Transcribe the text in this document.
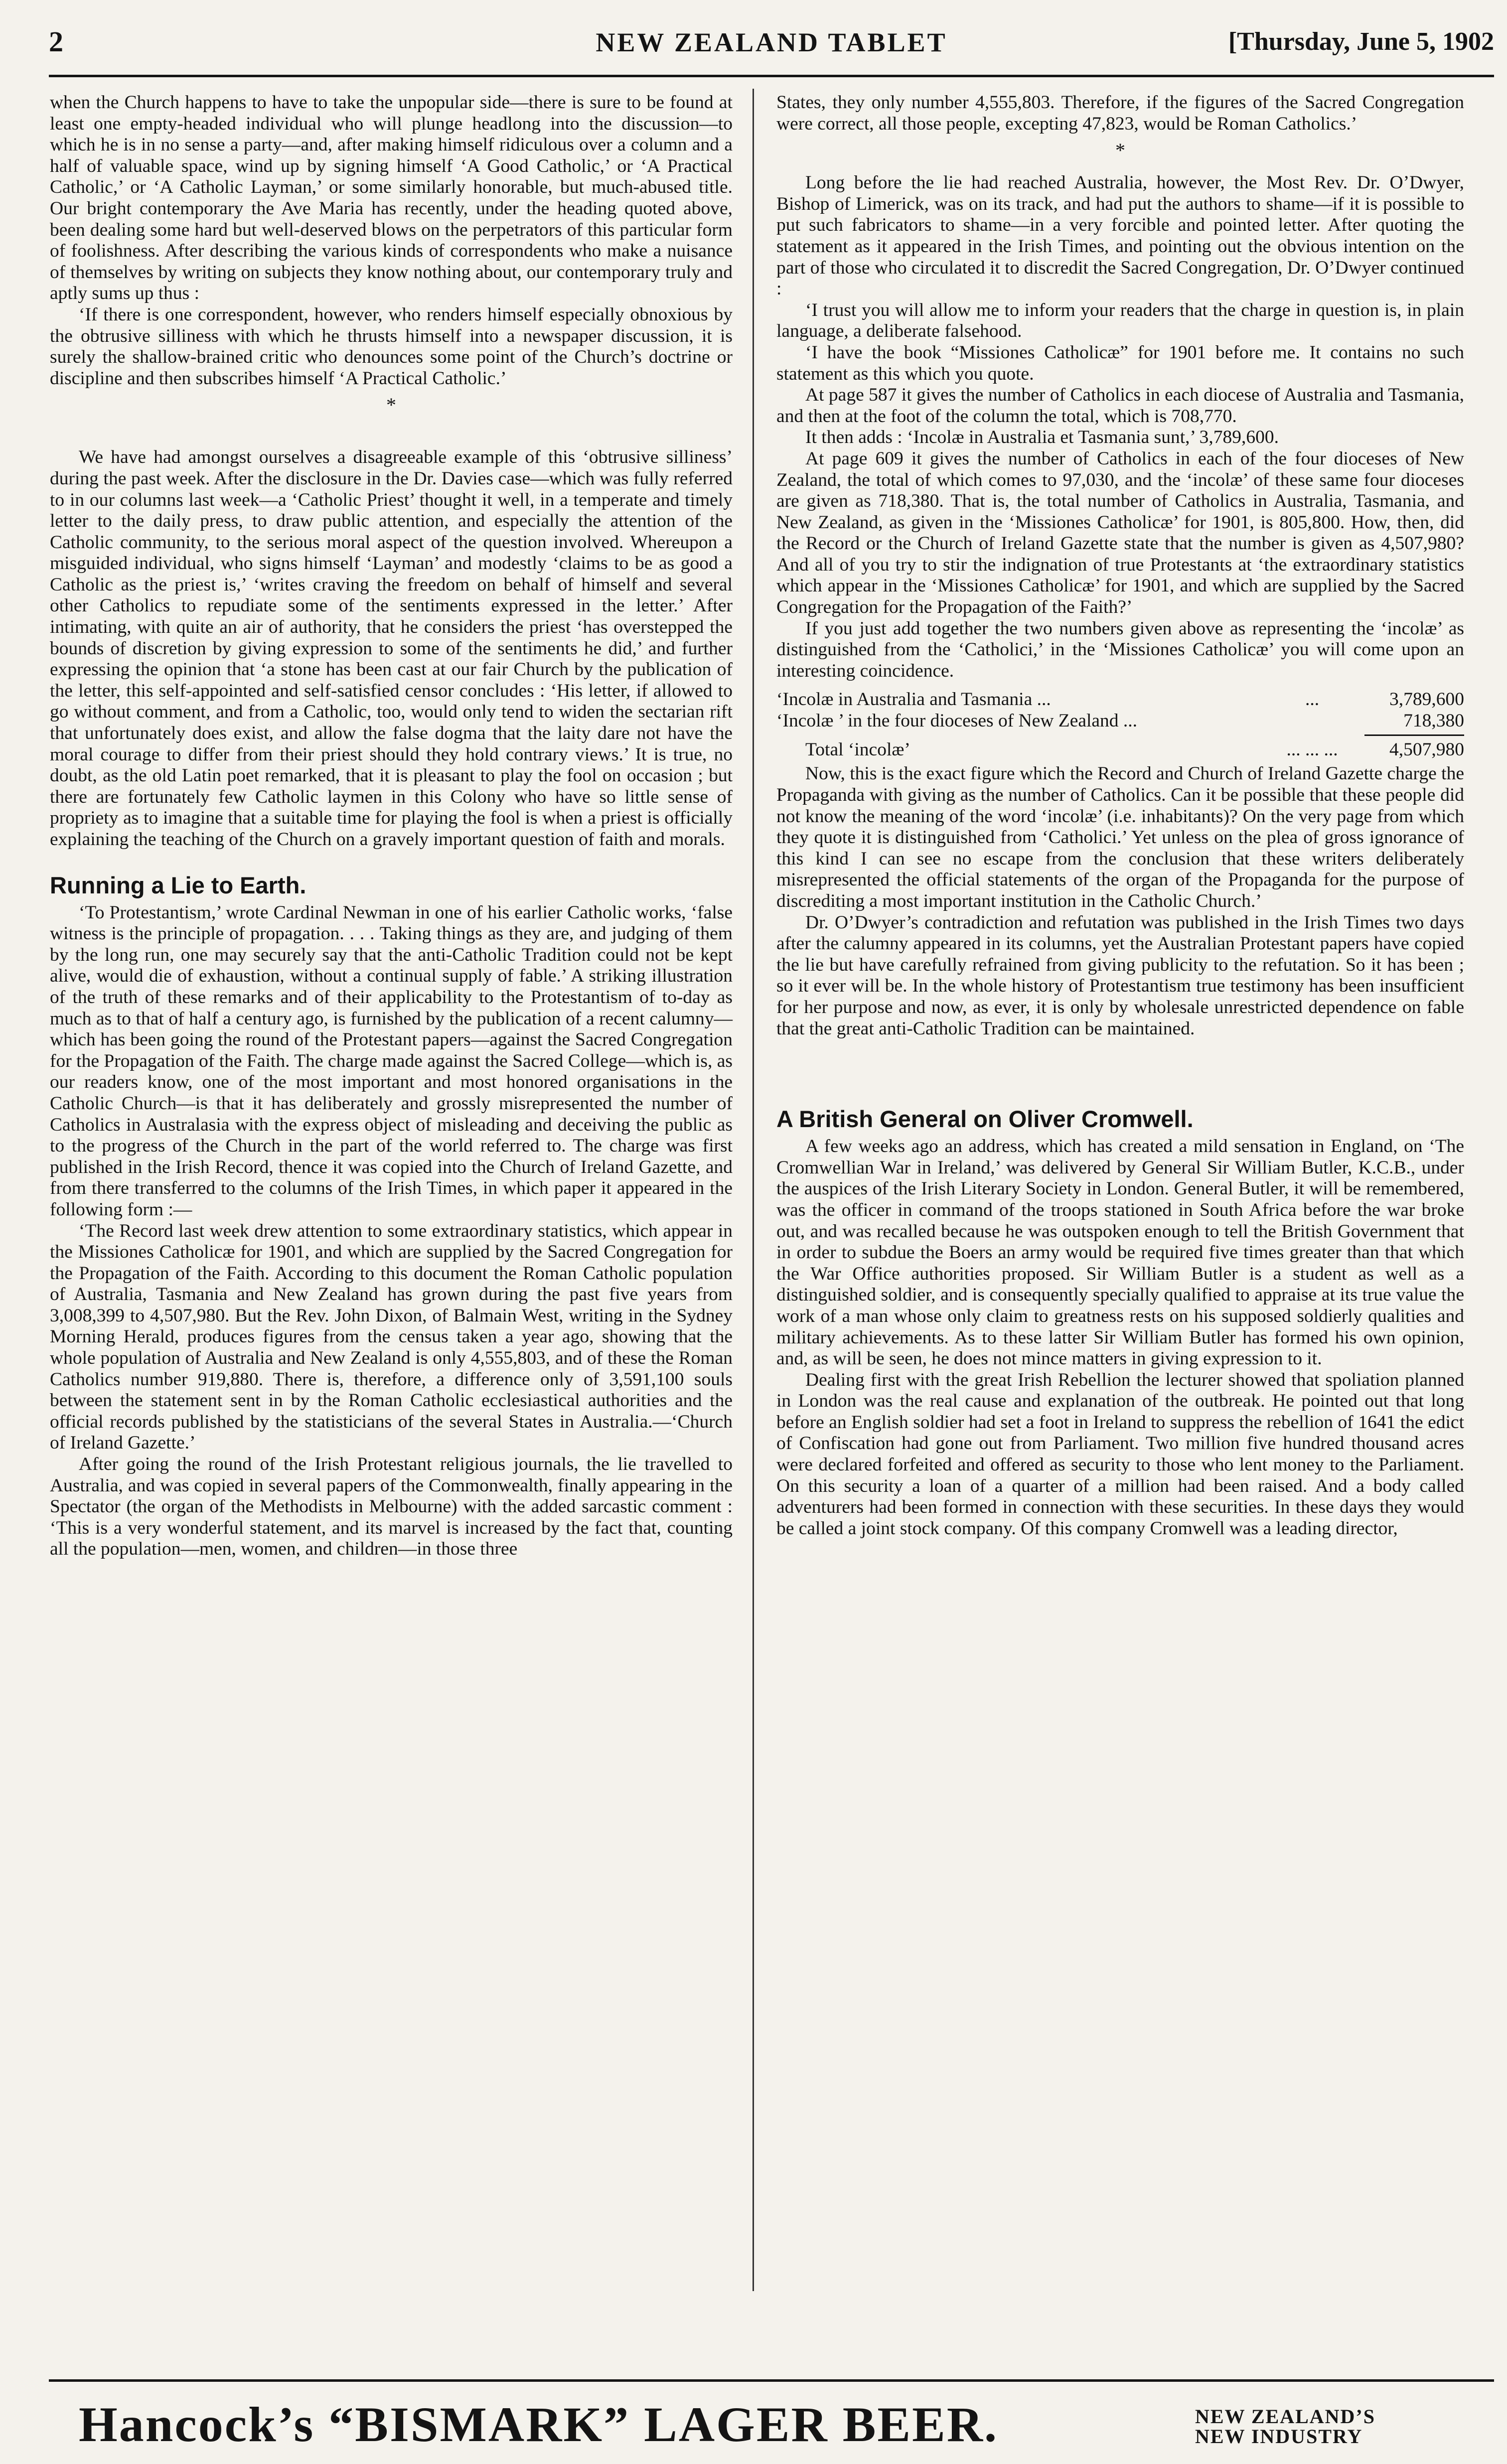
2	NEW ZEALAND TABLET	[Thursday, June 5, 1902

when the Church happens to have to take the unpopular side—there is sure to be found at least one empty-headed individual who will plunge headlong into the discussion—to which he is in no sense a party—and, after making himself ridiculous over a column and a half of valuable space, wind up by signing himself ‘A Good Catholic,’ or ‘A Practical Catholic,’ or ‘A Catholic Layman,’ or some similarly honorable, but much-abused title. Our bright contemporary the Ave Maria has recently, under the heading quoted above, been dealing some hard but well-deserved blows on the perpetrators of this particular form of foolishness. After describing the various kinds of correspondents who make a nuisance of themselves by writing on subjects they know nothing about, our contemporary truly and aptly sums up thus :

‘If there is one correspondent, however, who renders himself especially obnoxious by the obtrusive silliness with which he thrusts himself into a newspaper discussion, it is surely the shallow-brained critic who denounces some point of the Church’s doctrine or discipline and then subscribes himself ‘A Practical Catholic.’

*

We have had amongst ourselves a disagreeable example of this ‘obtrusive silliness’ during the past week. After the disclosure in the Dr. Davies case—which was fully referred to in our columns last week—a ‘Catholic Priest’ thought it well, in a temperate and timely letter to the daily press, to draw public attention, and especially the attention of the Catholic community, to the serious moral aspect of the question involved. Whereupon a misguided individual, who signs himself ‘Layman’ and modestly ‘claims to be as good a Catholic as the priest is,’ ‘writes craving the freedom on behalf of himself and several other Catholics to repudiate some of the sentiments expressed in the letter.’ After intimating, with quite an air of authority, that he considers the priest ‘has overstepped the bounds of discretion by giving expression to some of the sentiments he did,’ and further expressing the opinion that ‘a stone has been cast at our fair Church by the publication of the letter, this self-appointed and self-satisfied censor concludes : ‘His letter, if allowed to go without comment, and from a Catholic, too, would only tend to widen the sectarian rift that unfortunately does exist, and allow the false dogma that the laity dare not have the moral courage to differ from their priest should they hold contrary views.’ It is true, no doubt, as the old Latin poet remarked, that it is pleasant to play the fool on occasion ; but there are fortunately few Catholic laymen in this Colony who have so little sense of propriety as to imagine that a suitable time for playing the fool is when a priest is officially explaining the teaching of the Church on a gravely important question of faith and morals.

Running a Lie to Earth.

‘To Protestantism,’ wrote Cardinal Newman in one of his earlier Catholic works, ‘false witness is the principle of propagation. . . . Taking things as they are, and judging of them by the long run, one may securely say that the anti-Catholic Tradition could not be kept alive, would die of exhaustion, without a continual supply of fable.’ A striking illustration of the truth of these remarks and of their applicability to the Protestantism of to-day as much as to that of half a century ago, is furnished by the publication of a recent calumny—which has been going the round of the Protestant papers—against the Sacred Congregation for the Propagation of the Faith. The charge made against the Sacred College—which is, as our readers know, one of the most important and most honored organisations in the Catholic Church—is that it has deliberately and grossly misrepresented the number of Catholics in Australasia with the express object of misleading and deceiving the public as to the progress of the Church in the part of the world referred to. The charge was first published in the Irish Record, thence it was copied into the Church of Ireland Gazette, and from there transferred to the columns of the Irish Times, in which paper it appeared in the following form :—

‘The Record last week drew attention to some extraordinary statistics, which appear in the Missiones Catholicæ for 1901, and which are supplied by the Sacred Congregation for the Propagation of the Faith. According to this document the Roman Catholic population of Australia, Tasmania and New Zealand has grown during the past five years from 3,008,399 to 4,507,980. But the Rev. John Dixon, of Balmain West, writing in the Sydney Morning Herald, produces figures from the census taken a year ago, showing that the whole population of Australia and New Zealand is only 4,555,803, and of these the Roman Catholics number 919,880. There is, therefore, a difference only of 3,591,100 souls between the statement sent in by the Roman Catholic ecclesiastical authorities and the official records published by the statisticians of the several States in Australia.—‘Church of Ireland Gazette.’

After going the round of the Irish Protestant religious journals, the lie travelled to Australia, and was copied in several papers of the Commonwealth, finally appearing in the Spectator (the organ of the Methodists in Melbourne) with the added sarcastic comment : ‘This is a very wonderful statement, and its marvel is increased by the fact that, counting all the population—men, women, and children—in those three

States, they only number 4,555,803. Therefore, if the figures of the Sacred Congregation were correct, all those people, excepting 47,823, would be Roman Catholics.’

*

Long before the lie had reached Australia, however, the Most Rev. Dr. O’Dwyer, Bishop of Limerick, was on its track, and had put the authors to shame—if it is possible to put such fabricators to shame—in a very forcible and pointed letter. After quoting the statement as it appeared in the Irish Times, and pointing out the obvious intention on the part of those who circulated it to discredit the Sacred Congregation, Dr. O’Dwyer continued :

‘I trust you will allow me to inform your readers that the charge in question is, in plain language, a deliberate falsehood.

‘I have the book “Missiones Catholicæ” for 1901 before me. It contains no such statement as this which you quote.

At page 587 it gives the number of Catholics in each diocese of Australia and Tasmania, and then at the foot of the column the total, which is 708,770.

It then adds : ‘Incolæ in Australia et Tasmania sunt,’ 3,789,600.

At page 609 it gives the number of Catholics in each of the four dioceses of New Zealand, the total of which comes to 97,030, and the ‘incolæ’ of these same four dioceses are given as 718,380. That is, the total number of Catholics in Australia, Tasmania, and New Zealand, as given in the ‘Missiones Catholicæ’ for 1901, is 805,800. How, then, did the Record or the Church of Ireland Gazette state that the number is given as 4,507,980? And all of you try to stir the indignation of true Protestants at ‘the extraordinary statistics which appear in the ‘Missiones Catholicæ’ for 1901, and which are supplied by the Sacred Congregation for the Propagation of the Faith?’

If you just add together the two numbers given above as representing the ‘incolæ’ as distinguished from the ‘Catholici,’ in the ‘Missiones Catholicæ’ you will come upon an interesting coincidence.

‘Incolæ in Australia and Tasmania ...	...	3,789,600
‘Incolæ ’ in the four dioceses of New Zealand ...	718,380
Total ‘incolæ’	... ... ...	4,507,980

Now, this is the exact figure which the Record and Church of Ireland Gazette charge the Propaganda with giving as the number of Catholics. Can it be possible that these people did not know the meaning of the word ‘incolæ’ (i.e. inhabitants)? On the very page from which they quote it is distinguished from ‘Catholici.’ Yet unless on the plea of gross ignorance of this kind I can see no escape from the conclusion that these writers deliberately misrepresented the official statements of the organ of the Propaganda for the purpose of discrediting a most important institution in the Catholic Church.’

Dr. O’Dwyer’s contradiction and refutation was published in the Irish Times two days after the calumny appeared in its columns, yet the Australian Protestant papers have copied the lie but have carefully refrained from giving publicity to the refutation. So it has been ; so it ever will be. In the whole history of Protestantism true testimony has been insufficient for her purpose and now, as ever, it is only by wholesale unrestricted dependence on fable that the great anti-Catholic Tradition can be maintained.

A British General on Oliver Cromwell.

A few weeks ago an address, which has created a mild sensation in England, on ‘The Cromwellian War in Ireland,’ was delivered by General Sir William Butler, K.C.B., under the auspices of the Irish Literary Society in London. General Butler, it will be remembered, was the officer in command of the troops stationed in South Africa before the war broke out, and was recalled because he was outspoken enough to tell the British Government that in order to subdue the Boers an army would be required five times greater than that which the War Office authorities proposed. Sir William Butler is a student as well as a distinguished soldier, and is consequently specially qualified to appraise at its true value the work of a man whose only claim to greatness rests on his supposed soldierly qualities and military achievements. As to these latter Sir William Butler has formed his own opinion, and, as will be seen, he does not mince matters in giving expression to it.

Dealing first with the great Irish Rebellion the lecturer showed that spoliation planned in London was the real cause and explanation of the outbreak. He pointed out that long before an English soldier had set a foot in Ireland to suppress the rebellion of 1641 the edict of Confiscation had gone out from Parliament. Two million five hundred thousand acres were declared forfeited and offered as security to those who lent money to the Parliament. On this security a loan of a quarter of a million had been raised. And a body called adventurers had been formed in connection with these securities. In these days they would be called a joint stock company. Of this company Cromwell was a leading director,

Hancock’s “BISMARK” LAGER BEER.	NEW ZEALAND’S
NEW INDUSTRY
